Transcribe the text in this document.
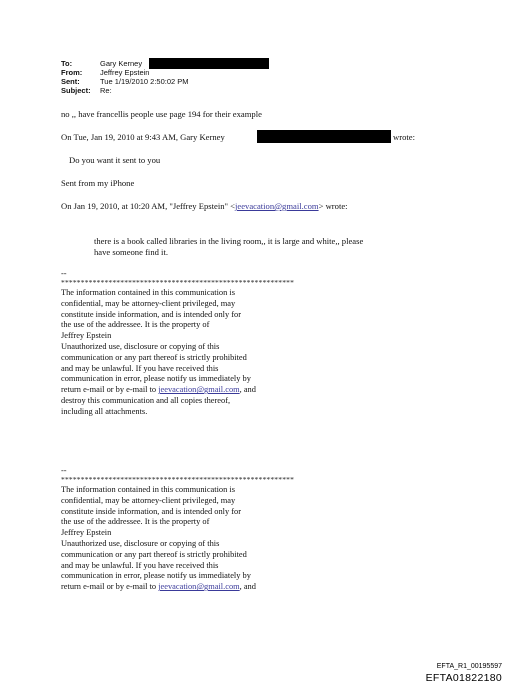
To:	Gary Kerney
From: Jeffrey Epstein
Sent:	Tue 1/19/2010 2:50:02 PM
Subject: Re:
no ,, have francellis people use page 194 for their example
On Tue, Jan 19, 2010 at 9:43 AM, Gary Kerney	wrote:
Do you want it sent to you
Sent from my iPhone
On Jan 19, 2010, at 10:20 AM, "Jeffrey Epstein" <jeevacation@gmail.com> wrote:
there is a book called libraries in the living room,, it is large and white,, please
have someone find it.
--
***********************************************************
The information contained in this communication is
confidential, may be attorney-client privileged, may
constitute inside information, and is intended only for
the use of the addressee. It is the property of
Jeffrey Epstein
Unauthorized use, disclosure or copying of this
communication or any part thereof is strictly prohibited
and may be unlawful. If you have received this
communication in error, please notify us immediately by
return e-mail or by e-mail to jeevacation@gmail.com, and
destroy this communication and all copies thereof,
including all attachments.
--
***********************************************************
The information contained in this communication is
confidential, may be attorney-client privileged, may
constitute inside information, and is intended only for
the use of the addressee. It is the property of
Jeffrey Epstein
Unauthorized use, disclosure or copying of this
communication or any part thereof is strictly prohibited
and may be unlawful. If you have received this
communication in error, please notify us immediately by
return e-mail or by e-mail to jeevacation@gmail.com, and
EFTA_R1_00195597
EFTA01822180
